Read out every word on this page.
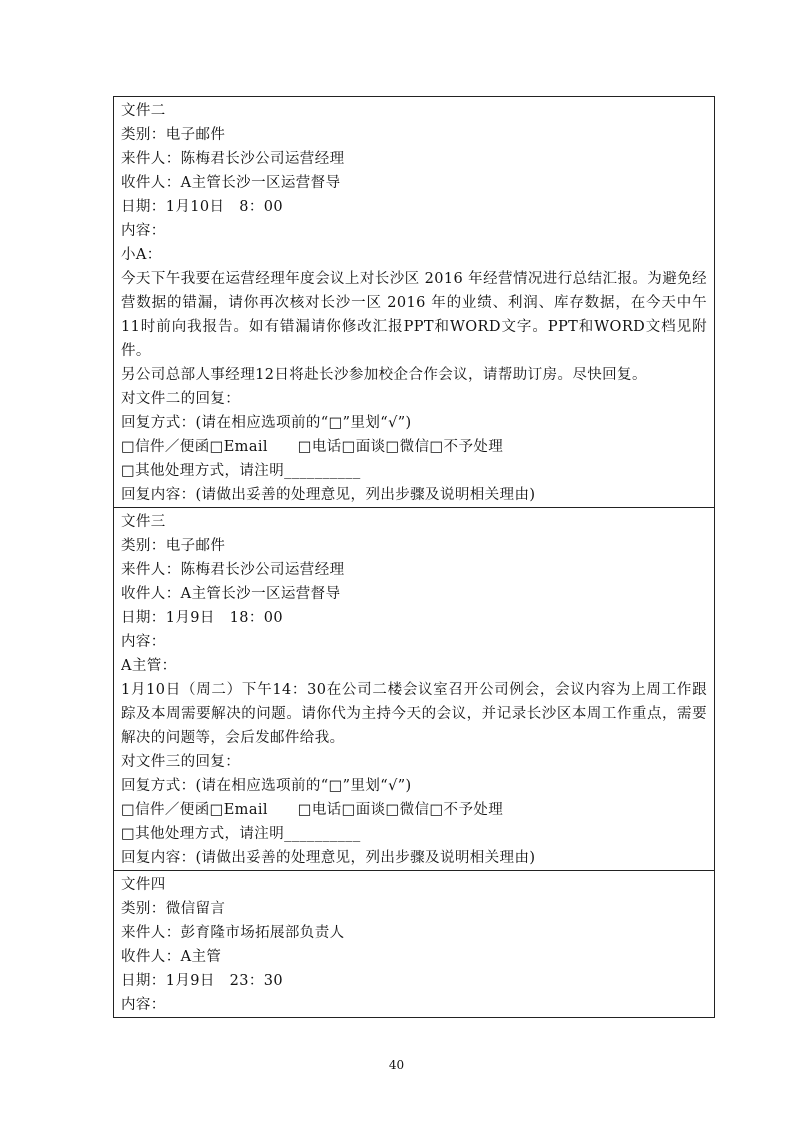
文件二
类别：电子邮件
来件人：陈梅君长沙公司运营经理
收件人：A主管长沙一区运营督导
日期：1月10日　8：00
内容：
小A：
今天下午我要在运营经理年度会议上对长沙区 2016 年经营情况进行总结汇报。为避免经营数据的错漏，请你再次核对长沙一区 2016 年的业绩、利润、库存数据，在今天中午11时前向我报告。如有错漏请你修改汇报PPT和WORD文字。PPT和WORD文档见附件。
另公司总部人事经理12日将赴长沙参加校企合作会议，请帮助订房。尽快回复。
对文件二的回复：
回复方式：(请在相应选项前的“□”里划“√”)
□信件／便函□Email　　□电话□面谈□微信□不予处理
□其他处理方式，请注明__________
回复内容：(请做出妥善的处理意见，列出步骤及说明相关理由)
文件三
类别：电子邮件
来件人：陈梅君长沙公司运营经理
收件人：A主管长沙一区运营督导
日期：1月9日　18：00
内容：
A主管：
1月10日（周二）下午14：30在公司二楼会议室召开公司例会，会议内容为上周工作跟踪及本周需要解决的问题。请你代为主持今天的会议，并记录长沙区本周工作重点，需要解决的问题等，会后发邮件给我。
对文件三的回复：
回复方式：(请在相应选项前的“□”里划“√”)
□信件／便函□Email　　□电话□面谈□微信□不予处理
□其他处理方式，请注明__________
回复内容：(请做出妥善的处理意见，列出步骤及说明相关理由)
文件四
类别：微信留言
来件人：彭育隆市场拓展部负责人
收件人：A主管
日期：1月9日　23：30
内容：
40
